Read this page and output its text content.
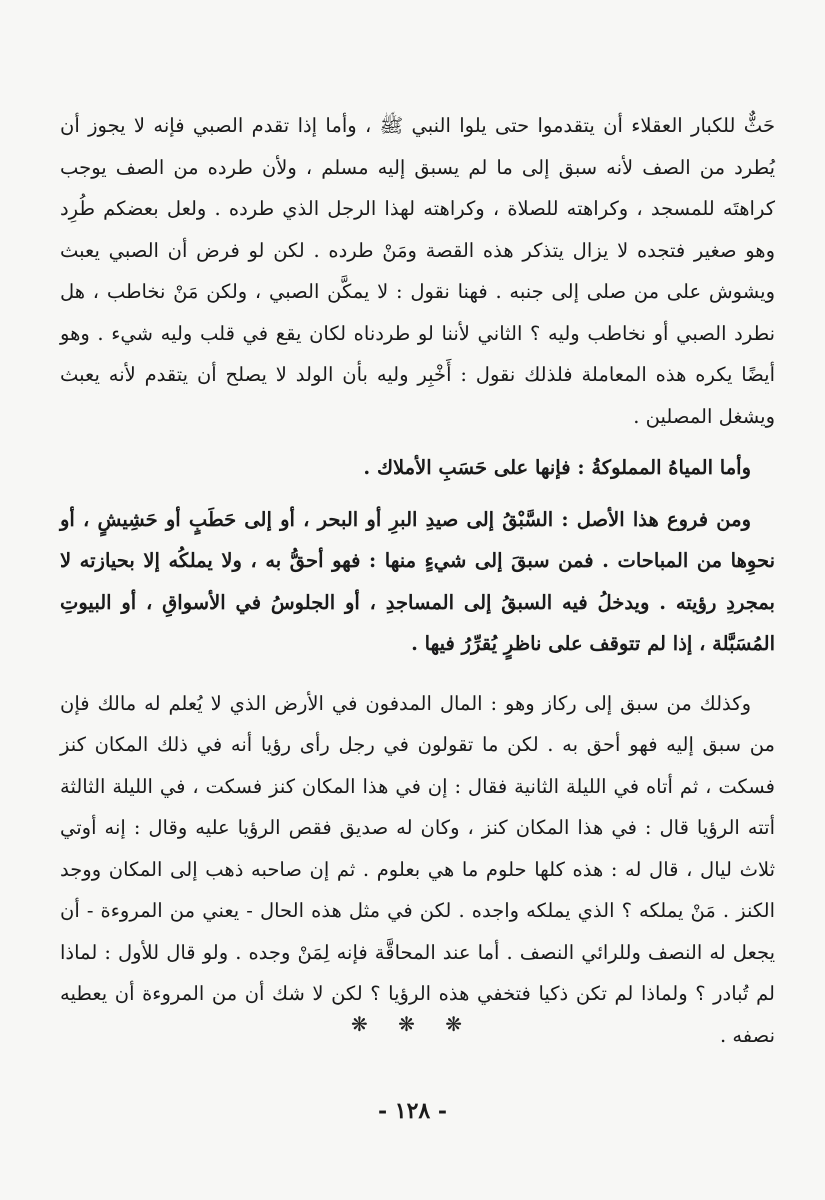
حَثٌّ للكبار العقلاء أن يتقدموا حتى يلوا النبي ﷺ ، وأما إذا تقدم الصبي فإنه لا يجوز أن يُطرد من الصف لأنه سبق إلى ما لم يسبق إليه مسلم ، ولأن طرده من الصف يوجب كراهتَه للمسجد ، وكراهته للصلاة ، وكراهته لهذا الرجل الذي طرده . ولعل بعضكم طُرِد وهو صغير فتجده لا يزال يتذكر هذه القصة ومَنْ طرده . لكن لو فرض أن الصبي يعبث ويشوش على من صلى إلى جنبه . فهنا نقول : لا يمكَّن الصبي ، ولكن مَنْ نخاطب ، هل نطرد الصبي أو نخاطب وليه ؟ الثاني لأننا لو طردناه لكان يقع في قلب وليه شيء . وهو أيضًا يكره هذه المعاملة فلذلك نقول : أَخْبِر وليه بأن الولد لا يصلح أن يتقدم لأنه يعبث ويشغل المصلين .

وأما المياهُ المملوكةُ : فإنها على حَسَبِ الأملاك .

ومن فروع هذا الأصل : السَّبْقُ إلى صيدِ البرِ أو البحر ، أو إلى حَطَبٍ أو حَشِيشٍ ، أو نحوِها من المباحات . فمن سبقَ إلى شيءٍ منها : فهو أحقُّ به ، ولا يملكُه إلا بحيازته لا بمجردِ رؤيته . ويدخلُ فيه السبقُ إلى المساجدِ ، أو الجلوسُ في الأسواقِ ، أو البيوتِ المُسَبَّلة ، إذا لم تتوقف على ناظرٍ يُقرِّرُ فيها .

وكذلك من سبق إلى ركاز وهو : المال المدفون في الأرض الذي لا يُعلم له مالك فإن من سبق إليه فهو أحق به . لكن ما تقولون في رجل رأى رؤيا أنه في ذلك المكان كنز فسكت ، ثم أتاه في الليلة الثانية فقال : إن في هذا المكان كنز فسكت ، في الليلة الثالثة أتته الرؤيا قال : في هذا المكان كنز ، وكان له صديق فقص الرؤيا عليه وقال : إنه أوتي ثلاث ليال ، قال له : هذه كلها حلوم ما هي بعلوم . ثم إن صاحبه ذهب إلى المكان ووجد الكنز . مَنْ يملكه ؟ الذي يملكه واجده . لكن في مثل هذه الحال - يعني من المروءة - أن يجعل له النصف وللرائي النصف . أما عند المحاقَّة فإنه لِمَنْ وجده . ولو قال للأول : لماذا لم تُبادر ؟ ولماذا لم تكن ذكيا فتخفي هذه الرؤيا ؟ لكن لا شك أن من المروءة أن يعطيه نصفه .

❋ ❋ ❋
- ١٢٨ -
